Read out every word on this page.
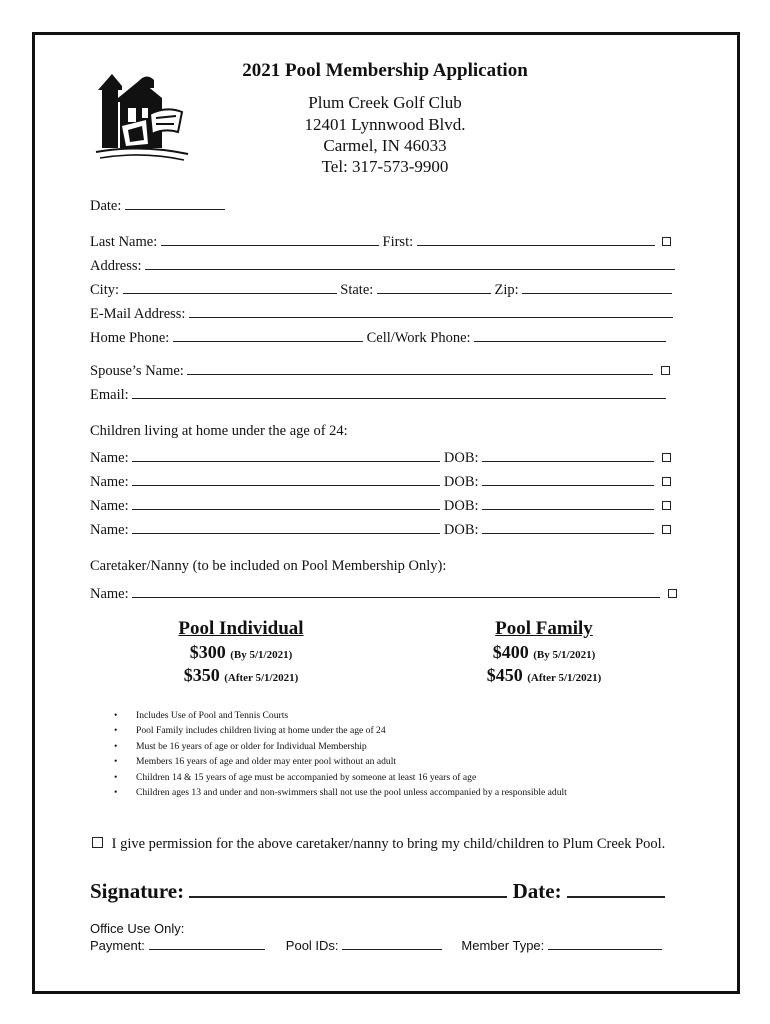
2021 Pool Membership Application
Plum Creek Golf Club
12401 Lynnwood Blvd.
Carmel, IN 46033
Tel: 317-573-9900
Date:
Last Name:	First:
Address:
City:	State:	Zip:
E-Mail Address:
Home Phone:	Cell/Work Phone:
Spouse’s Name:
Email:
Children living at home under the age of 24:
Name:	DOB:
Name:	DOB:
Name:	DOB:
Name:	DOB:
Caretaker/Nanny (to be included on Pool Membership Only):
Name:
Pool Individual
$300 (By 5/1/2021)
$350 (After 5/1/2021)
Pool Family
$400 (By 5/1/2021)
$450 (After 5/1/2021)
• Includes Use of Pool and Tennis Courts
• Pool Family includes children living at home under the age of 24
• Must be 16 years of age or older for Individual Membership
• Members 16 years of age and older may enter pool without an adult
• Children 14 & 15 years of age must be accompanied by someone at least 16 years of age
• Children ages 13 and under and non-swimmers shall not use the pool unless accompanied by a responsible adult
I give permission for the above caretaker/nanny to bring my child/children to Plum Creek Pool.
Signature:	Date:
Office Use Only:
Payment:	Pool IDs:	Member Type:
